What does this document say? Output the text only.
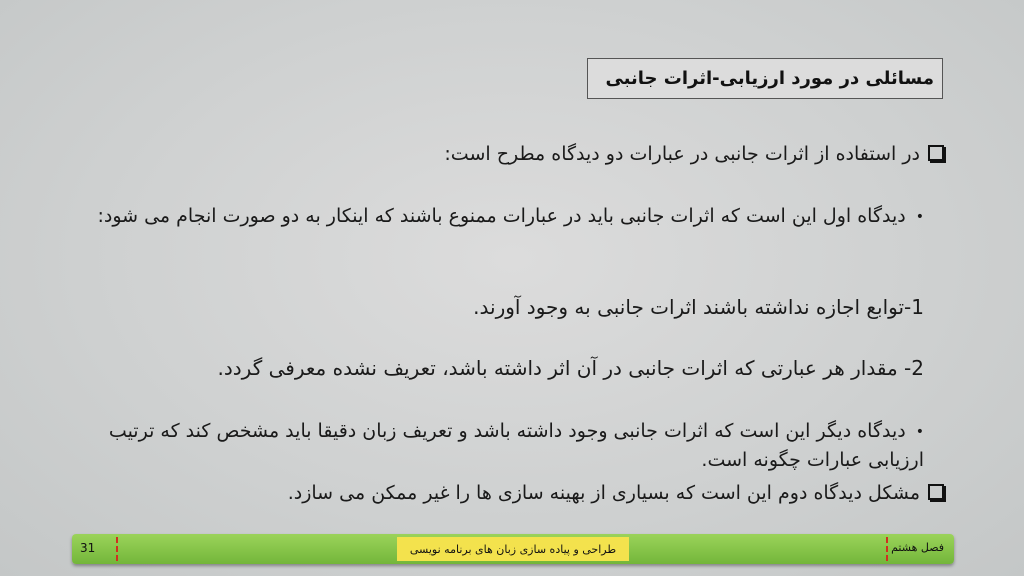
مسائلی در مورد ارزیابی-اثرات جانبی
در استفاده از اثرات جانبی در عبارات دو دیدگاه مطرح است:
•دیدگاه اول این است که اثرات جانبی باید در عبارات ممنوع باشند که اینکار به دو صورت انجام می شود:
1-توابع اجازه نداشته باشند اثرات جانبی به وجود آورند.
2- مقدار هر عبارتی که اثرات جانبی در آن اثر داشته باشد، تعریف نشده معرفی گردد.
•دیدگاه دیگر این است که اثرات جانبی وجود داشته باشد و تعریف زبان دقیقا باید مشخص کند که ترتیب ارزیابی عبارات چگونه است.
مشکل دیدگاه دوم این است که بسیاری از بهینه سازی ها را غیر ممکن می سازد.
فصل هشتم
طراحی و پیاده سازی زبان های برنامه نویسی
31
